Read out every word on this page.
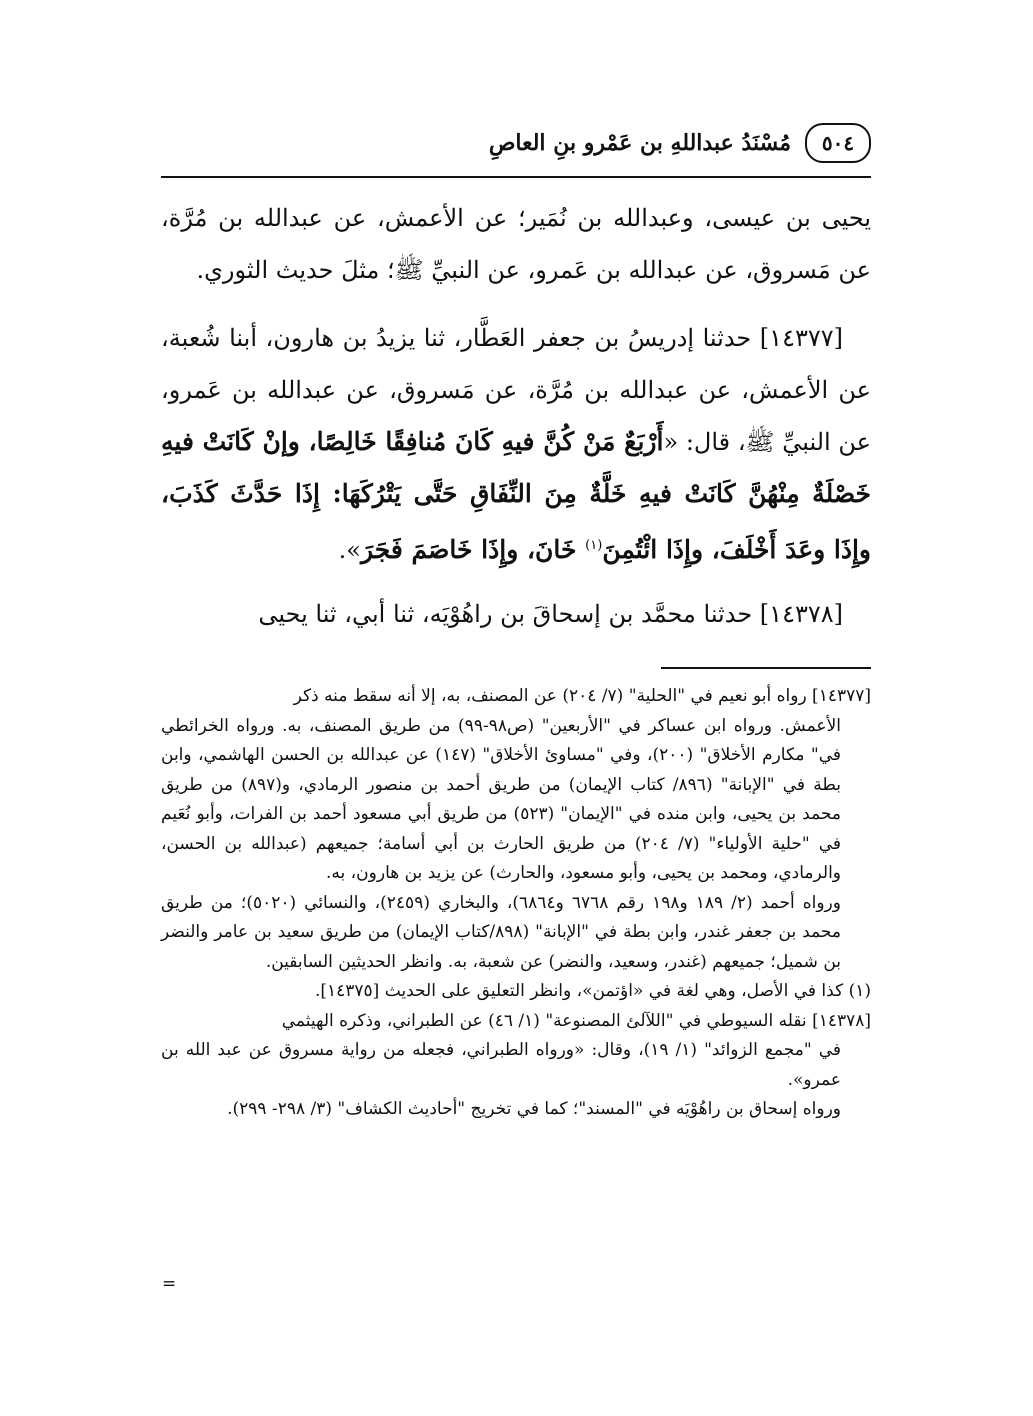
٥٠٤
مُسْنَدُ عبداللهِ بن عَمْرو بنِ العاصِ

يحيى بن عيسى، وعبدالله بن نُمَير؛ عن الأعمش، عن عبدالله بن مُرَّة، عن مَسروق، عن عبدالله بن عَمرو، عن النبيِّ ﷺ؛ مثلَ حديث الثوري.

[١٤٣٧٧] حدثنا إدريسُ بن جعفر العَطَّار، ثنا يزيدُ بن هارون، أبنا شُعبة، عن الأعمش، عن عبدالله بن مُرَّة، عن مَسروق، عن عبدالله بن عَمرو، عن النبيِّ ﷺ، قال: «أَرْبَعٌ مَنْ كُنَّ فيهِ كَانَ مُنافِقًا خَالِصًا، وإنْ كَانَتْ فيهِ خَصْلَةٌ مِنْهُنَّ كَانَتْ فيهِ خَلَّةٌ مِنَ النِّفَاقِ حَتَّى يَتْرُكَهَا: إِذَا حَدَّثَ كَذَبَ، وإِذَا وعَدَ أَخْلَفَ، وإِذَا ائْتُمِنَ$^{(١)}$ خَانَ، وإِذَا خَاصَمَ فَجَرَ».

[١٤٣٧٨] حدثنا محمَّد بن إسحاقَ بن راهُوْيَه، ثنا أبي، ثنا يحيى

[١٤٣٧٧] رواه أبو نعيم في "الحلية" (٧/ ٢٠٤) عن المصنف، به، إلا أنه سقط منه ذكر

الأعمش. ورواه ابن عساكر في "الأربعين" (ص٩٨-٩٩) من طريق المصنف، به. ورواه الخرائطي في" مكارم الأخلاق" (٢٠٠)، وفي "مساوئ الأخلاق" (١٤٧) عن عبدالله بن الحسن الهاشمي، وابن بطة في "الإبانة" (٨٩٦/ كتاب الإيمان) من طريق أحمد بن منصور الرمادي، و(٨٩٧) من طريق محمد بن يحيى، وابن منده في "الإيمان" (٥٢٣) من طريق أبي مسعود أحمد بن الفرات، وأبو نُعَيم في "حلية الأولياء" (٧/ ٢٠٤) من طريق الحارث بن أبي أسامة؛ جميعهم (عبدالله بن الحسن، والرمادي، ومحمد بن يحيى، وأبو مسعود، والحارث) عن يزيد بن هارون، به.

ورواه أحمد (٢/ ١٨٩ و١٩٨ رقم ٦٧٦٨ و٦٨٦٤)، والبخاري (٢٤٥٩)، والنسائي (٥٠٢٠)؛ من طريق محمد بن جعفر غندر، وابن بطة في "الإبانة" (٨٩٨/كتاب الإيمان) من طريق سعيد بن عامر والنضر بن شميل؛ جميعهم (غندر، وسعيد، والنضر) عن شعبة، به. وانظر الحديثين السابقين.

(١) كذا في الأصل، وهي لغة في «اؤتمن»، وانظر التعليق على الحديث [١٤٣٧٥].

[١٤٣٧٨] نقله السيوطي في "اللآلئ المصنوعة" (١/ ٤٦) عن الطبراني، وذكره الهيثمي

في "مجمع الزوائد" (١/ ١٩)، وقال: «ورواه الطبراني، فجعله من رواية مسروق عن عبد الله بن عمرو».

ورواه إسحاق بن راهُوْيَه في "المسند"؛ كما في تخريج "أحاديث الكشاف" (٣/ ٢٩٨- ٢٩٩).

=
